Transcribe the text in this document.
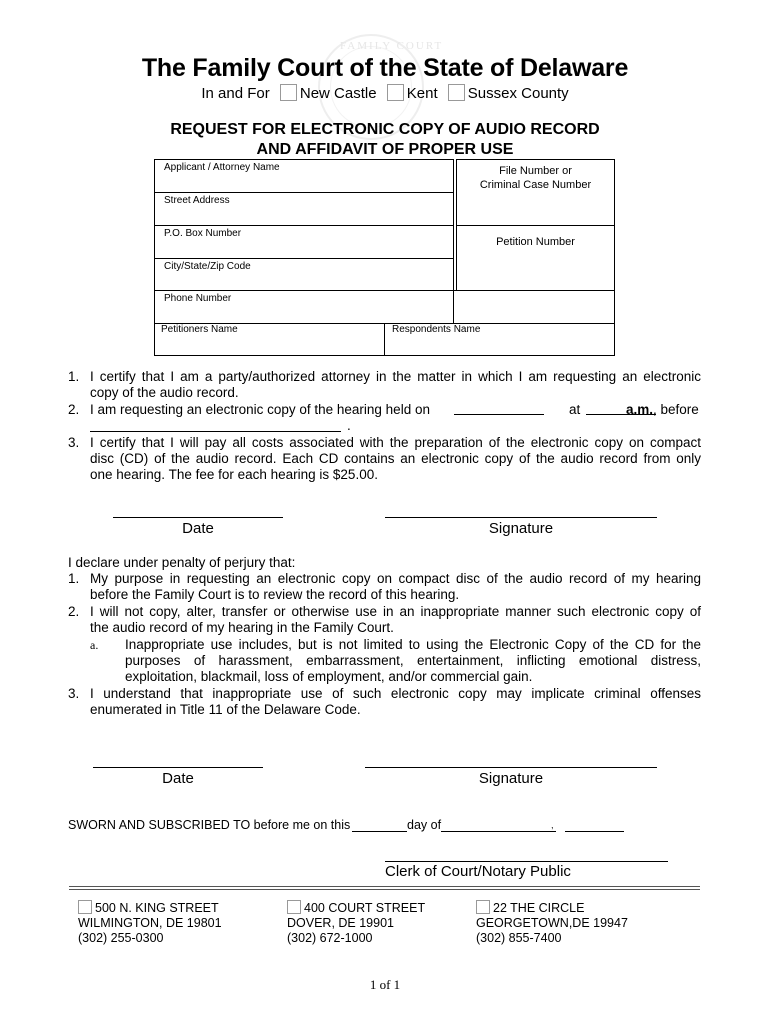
FAMILY COURT
The Family Court of the State of Delaware
In and For New Castle Kent Sussex County
REQUEST FOR ELECTRONIC COPY OF AUDIO RECORD
AND AFFIDAVIT OF PROPER USE
Applicant / Attorney Name
Street Address
P.O. Box Number
City/State/Zip Code
Phone Number
File Number or
Criminal Case Number
Petition Number
Petitioners Name	Respondents Name
1. I certify that I am a party/authorized attorney in the matter in which I am requesting an electronic
copy of the audio record.
2. I am requesting an electronic copy of the hearing held on	at	a.m. , before
.
3. I certify that I will pay all costs associated with the preparation of the electronic copy on compact
disc (CD) of the audio record. Each CD contains an electronic copy of the audio record from only
one hearing. The fee for each hearing is $25.00.
Date	Signature
I declare under penalty of perjury that:
1. My purpose in requesting an electronic copy on compact disc of the audio record of my hearing
before the Family Court is to review the record of this hearing.
2. I will not copy, alter, transfer or otherwise use in an inappropriate manner such electronic copy of
the audio record of my hearing in the Family Court.
a. Inappropriate use includes, but is not limited to using the Electronic Copy of the CD for the
purposes of harassment, embarrassment, entertainment, inflicting emotional distress,
exploitation, blackmail, loss of employment, and/or commercial gain.
3. I understand that inappropriate use of such electronic copy may implicate criminal offenses
enumerated in Title 11 of the Delaware Code.
Date	Signature
SWORN AND SUBSCRIBED TO before me on this	day of	,
Clerk of Court/Notary Public
500 N. KING STREET
WILMINGTON, DE 19801
(302) 255-0300
400 COURT STREET
DOVER, DE 19901
(302) 672-1000
22 THE CIRCLE
GEORGETOWN,DE 19947
(302) 855-7400
1 of 1
